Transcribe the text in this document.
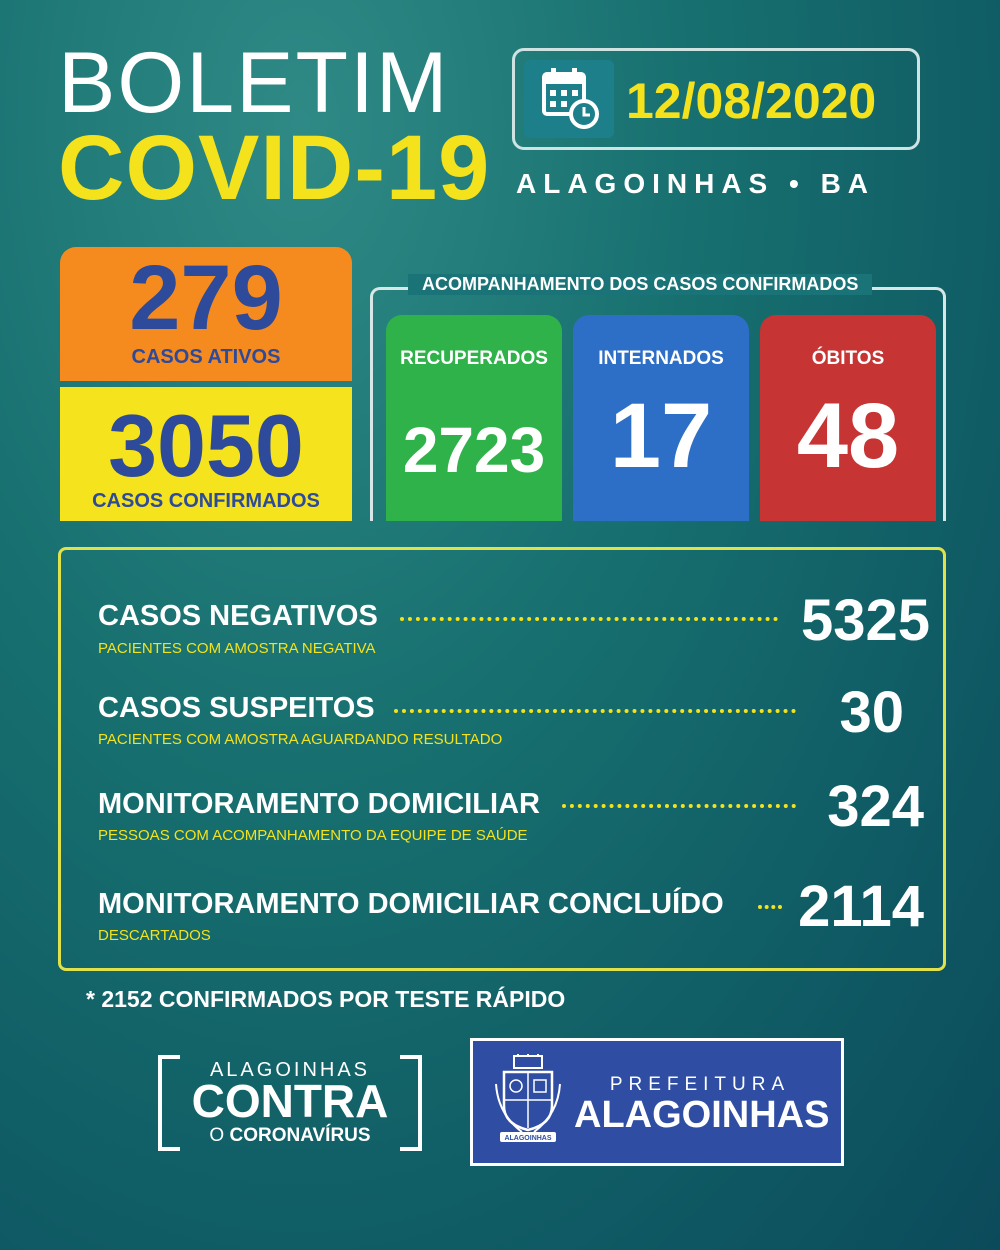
BOLETIM
COVID-19
12/08/2020
ALAGOINHAS • BA
279
CASOS ATIVOS
3050
CASOS CONFIRMADOS
ACOMPANHAMENTO DOS CASOS CONFIRMADOS
RECUPERADOS	INTERNADOS	ÓBITOS
2723 17 48
CASOS NEGATIVOS
PACIENTES COM AMOSTRA NEGATIVA	5325
CASOS SUSPEITOS
PACIENTES COM AMOSTRA AGUARDANDO RESULTADO	30
MONITORAMENTO DOMICILIAR
PESSOAS COM ACOMPANHAMENTO DA EQUIPE DE SAÚDE	324
MONITORAMENTO DOMICILIAR CONCLUÍDO
DESCARTADOS	2114
* 2152 CONFIRMADOS POR TESTE RÁPIDO
ALAGOINHAS
CONTRA
O CORONAVÍRUS	ALAGOINHAS
PREFEITURA
ALAGOINHAS
